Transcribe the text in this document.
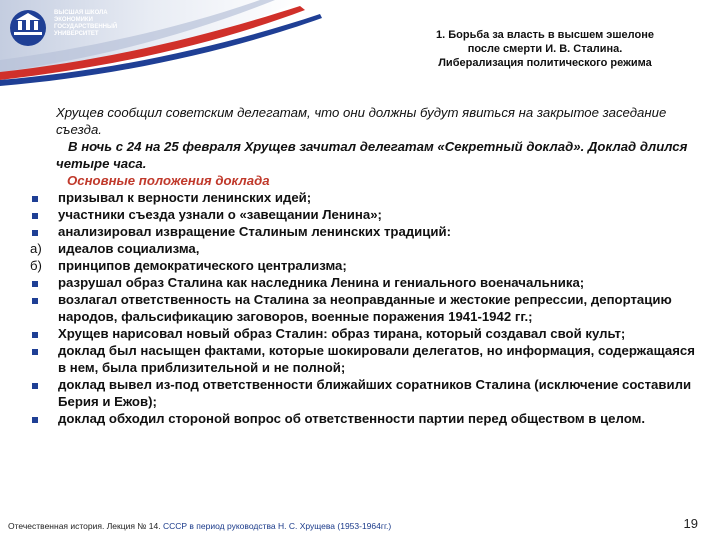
ВЫСШАЯ ШКОЛА
ЭКОНОМИКИ
ГОСУДАРСТВЕННЫЙ
УНИВЕРСИТЕТ	1. Борьба за власть в высшем эшелоне
после смерти И. В. Сталина.
Либерализация политического режима
Хрущев сообщил советским делегатам, что они должны будут явиться на закрытое заседание съезда.
В ночь с 24 на 25 февраля Хрущев зачитал делегатам «Секретный доклад». Доклад длился четыре часа.
Основные положения доклада
призывал к верности ленинских идей;
участники съезда узнали о «завещании Ленина»;
анализировал извращение Сталиным ленинских традиций:
а)	идеалов социализма,
б)	принципов демократического централизма;
разрушал образ Сталина как наследника Ленина и гениального военачальника;
возлагал ответственность на Сталина за неоправданные и жестокие репрессии, депортацию народов, фальсификацию заговоров, военные поражения 1941-1942 гг.;
Хрущев нарисовал новый образ Сталин: образ тирана, который создавал свой культ;
доклад был насыщен фактами, которые шокировали делегатов, но информация, содержащаяся в нем, была приблизительной и не полной;
доклад вывел из-под ответственности ближайших соратников Сталина (исключение составили Берия и Ежов);
доклад обходил стороной вопрос об ответственности партии перед обществом в целом.
Отечественная история. Лекция № 14. СССР в период руководства Н. С. Хрущева (1953-1964гг.)	19
